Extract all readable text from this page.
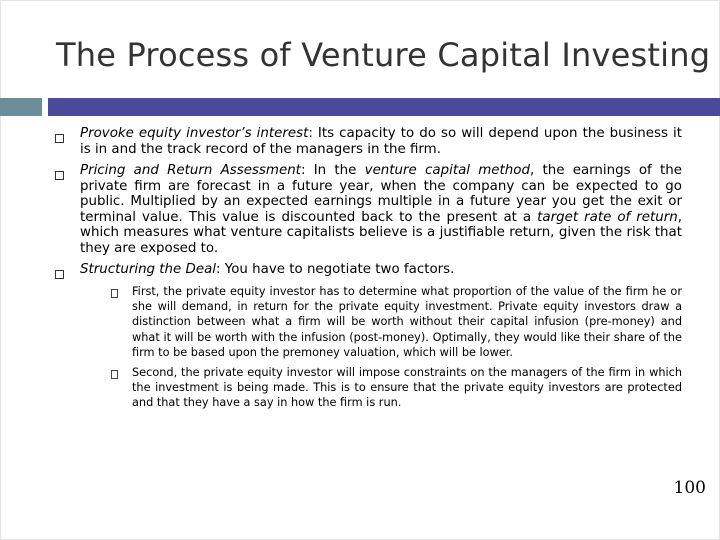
The Process of Venture Capital Investing
Provoke equity investor’s interest: Its capacity to do so will depend upon the business it is in and the track record of the managers in the firm.
Pricing and Return Assessment: In the venture capital method, the earnings of the private firm are forecast in a future year, when the company can be expected to go public. Multiplied by an expected earnings multiple in a future year you get the exit or terminal value. This value is discounted back to the present at a target rate of return, which measures what venture capitalists believe is a justifiable return, given the risk that they are exposed to.
Structuring the Deal: You have to negotiate two factors.
First, the private equity investor has to determine what proportion of the value of the firm he or she will demand, in return for the private equity investment. Private equity investors draw a distinction between what a firm will be worth without their capital infusion (pre-money) and what it will be worth with the infusion (post-money). Optimally, they would like their share of the firm to be based upon the premoney valuation, which will be lower.
Second, the private equity investor will impose constraints on the managers of the firm in which the investment is being made. This is to ensure that the private equity investors are protected and that they have a say in how the firm is run.
100
